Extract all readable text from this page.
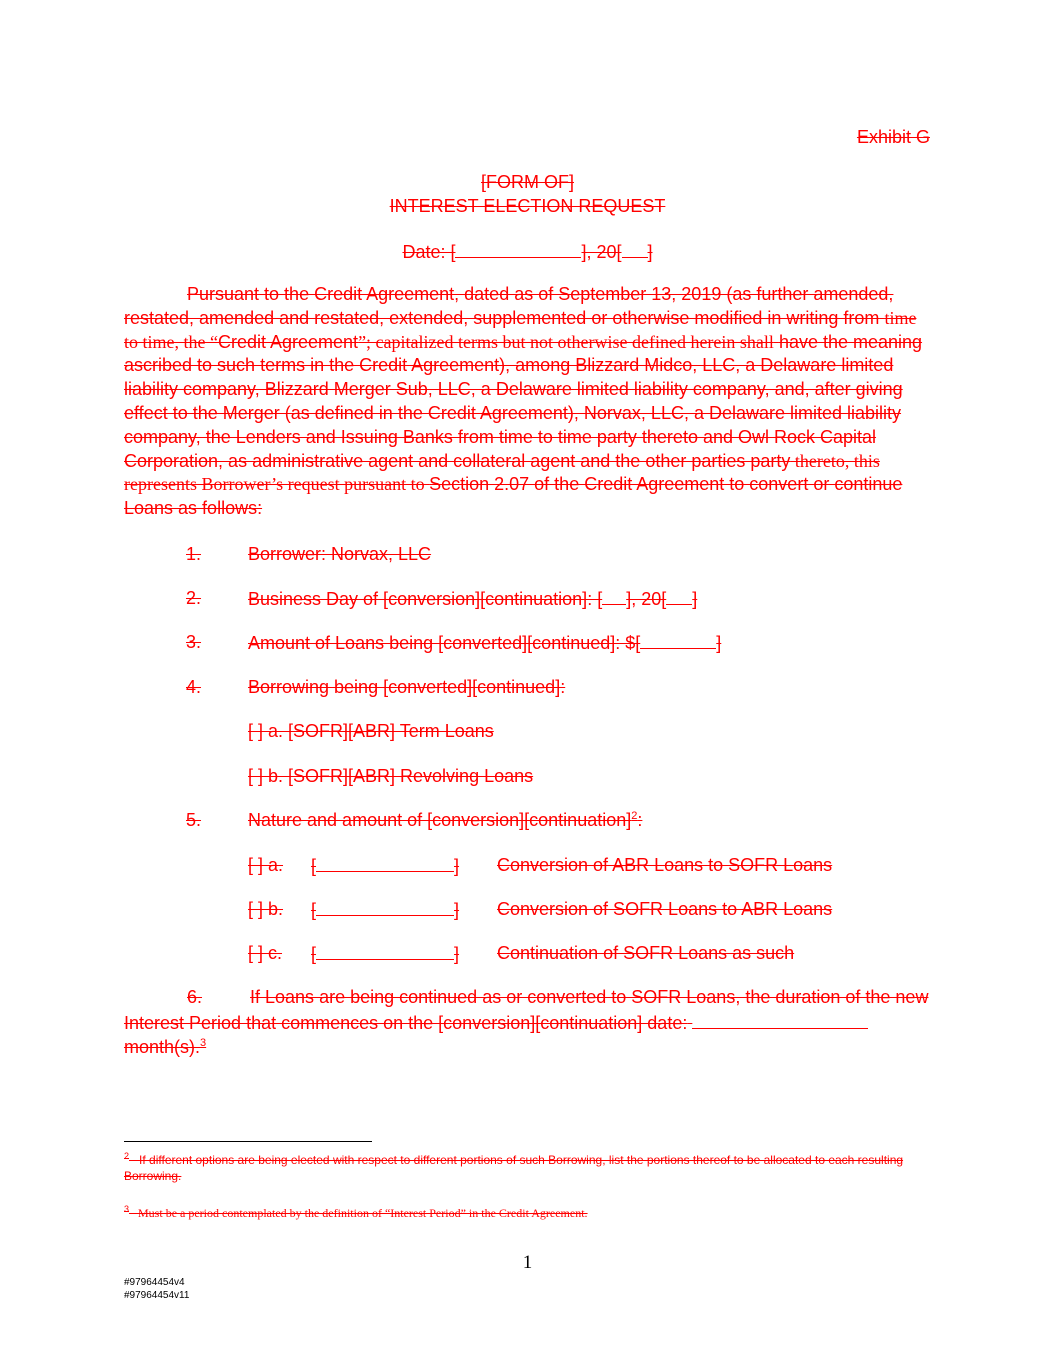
Exhibit G
[FORM OF]
INTEREST ELECTION REQUEST
Date: [	], 20[ ]
Pursuant to the Credit Agreement, dated as of September 13, 2019 (as further amended, restated, amended and restated, extended, supplemented or otherwise modified in writing from time to time, the “Credit Agreement”; capitalized terms but not otherwise defined herein shall have the meaning ascribed to such terms in the Credit Agreement), among Blizzard Midco, LLC, a Delaware limited liability company, Blizzard Merger Sub, LLC, a Delaware limited liability company, and, after giving effect to the Merger (as defined in the Credit Agreement), Norvax, LLC, a Delaware limited liability company, the Lenders and Issuing Banks from time to time party thereto and Owl Rock Capital Corporation, as administrative agent and collateral agent and the other parties party thereto, this represents Borrower’s request pursuant to Section 2.07 of the Credit Agreement to convert or continue Loans as follows:
1.	Borrower: Norvax, LLC
2.	Business Day of [conversion][continuation]: [ ], 20[ ]
3.	Amount of Loans being [converted][continued]: $[	]
4.	Borrowing being [converted][continued]:
[ ] a. [SOFR][ABR] Term Loans
[ ] b. [SOFR][ABR] Revolving Loans
5.	Nature and amount of [conversion][continuation]$^2$:
[ ] a. [	] Conversion of ABR Loans to SOFR Loans
[ ] b. [	] Conversion of SOFR Loans to ABR Loans
[ ] c. [	] Continuation of SOFR Loans as such
6.	If Loans are being continued as or converted to SOFR Loans, the duration of the new Interest Period that commences on the [conversion][continuation] date:  month(s).$^3$
$^2$ If different options are being elected with respect to different portions of such Borrowing, list the portions thereof to be allocated to each resulting Borrowing.
$^3$ Must be a period contemplated by the definition of “Interest Period” in the Credit Agreement.
1
#97964454v4
#97964454v11
